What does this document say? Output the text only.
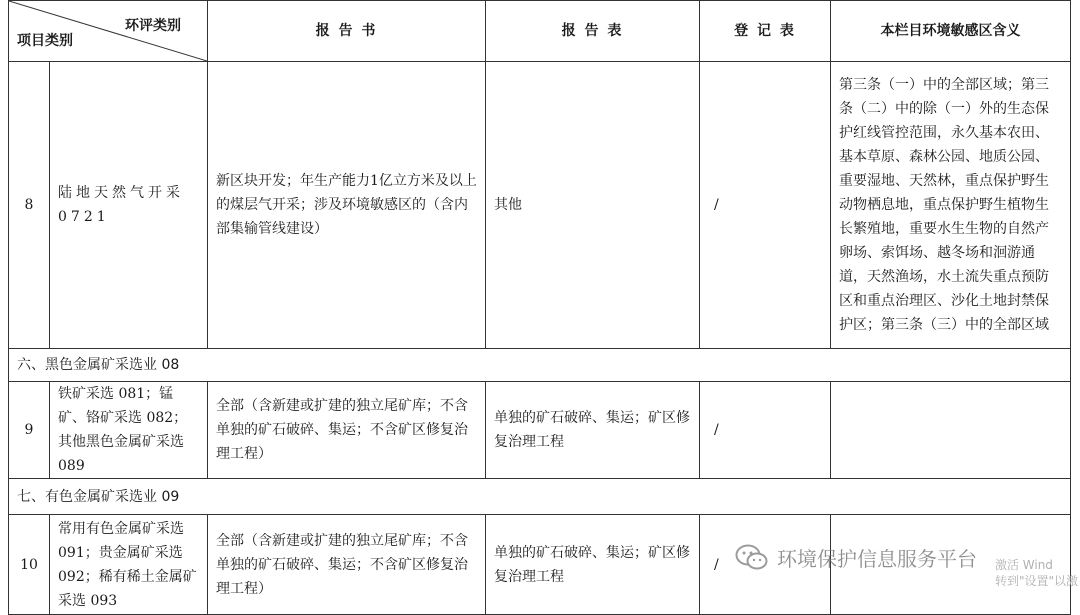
环评类别
项目类别		报 告 书	报 告 表	登 记 表	本栏目环境敏感区含义
8	陆地天然气开采0721	新区块开发；年生产能力1亿立方米及以上的煤层气开采；涉及环境敏感区的（含内部集输管线建设）	其他	/	第三条（一）中的全部区域；第三条（二）中的除（一）外的生态保护红线管控范围，永久基本农田、基本草原、森林公园、地质公园、重要湿地、天然林，重点保护野生动物栖息地，重点保护野生植物生长繁殖地，重要水生生物的自然产卵场、索饵场、越冬场和洄游通道，天然渔场，水土流失重点预防区和重点治理区、沙化土地封禁保护区；第三条（三）中的全部区域
六、黑色金属矿采选业 08					
9	铁矿采选 081；锰矿、铬矿采选 082；其他黑色金属矿采选 089	全部（含新建或扩建的独立尾矿库；不含单独的矿石破碎、集运；不含矿区修复治理工程）	单独的矿石破碎、集运；矿区修复治理工程	/	
七、有色金属矿采选业 09					
10	常用有色金属矿采选 091；贵金属矿采选 092；稀有稀土金属矿采选 093	全部（含新建或扩建的独立尾矿库；不含单独的矿石破碎、集运；不含矿区修复治理工程）	单独的矿石破碎、集运；矿区修复治理工程	/		环境保护信息服务平台 激活 Wind
转到"设置"以激
